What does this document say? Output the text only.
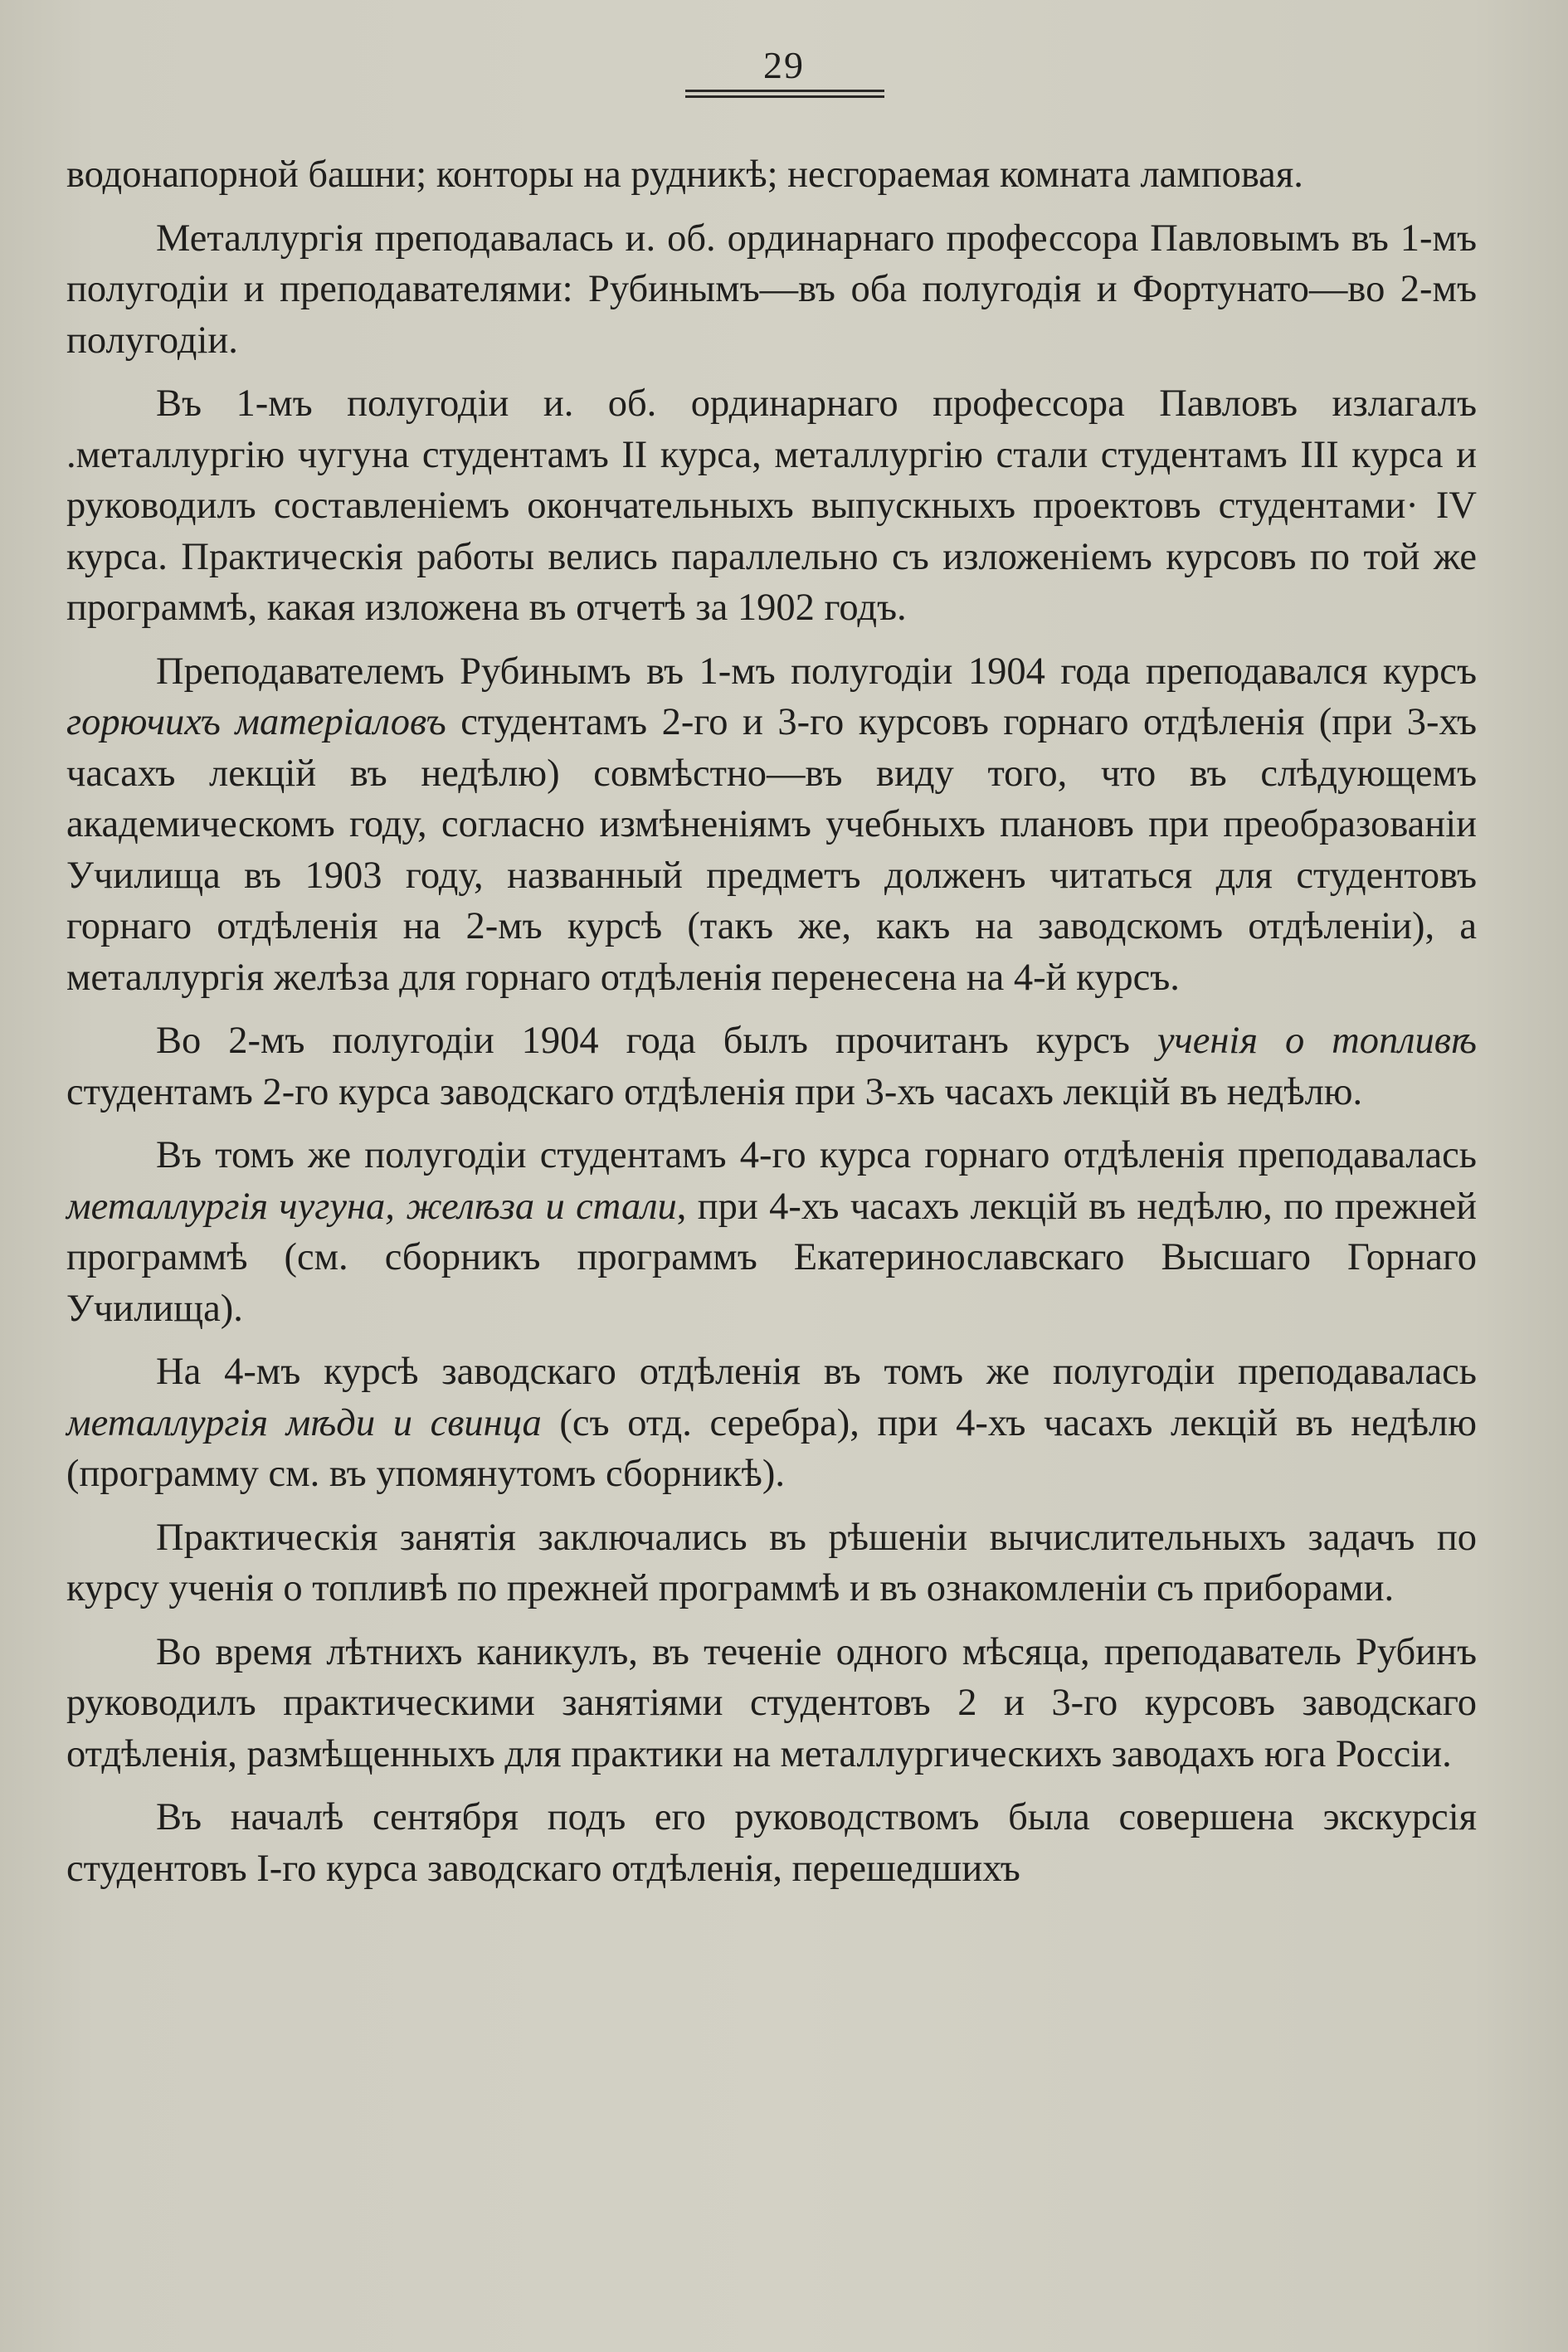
29

водонапорной башни; конторы на рудникѣ; несгораемая комната ламповая.

Металлургія преподавалась и. об. ординарнаго профессора Павловымъ въ 1-мъ полугодіи и преподавателями: Рубинымъ—въ оба полугодія и Фортунато—во 2-мъ полугодіи.

Въ 1-мъ полугодіи и. об. ординарнаго профессора Павловъ излагалъ .металлургію чугуна студентамъ II курса, металлургію стали студентамъ III курса и руководилъ составленіемъ окончательныхъ выпускныхъ проектовъ студентами· IV курса. Практическія работы велись параллельно съ изложеніемъ курсовъ по той же программѣ, какая изложена въ отчетѣ за 1902 годъ.

Преподавателемъ Рубинымъ въ 1-мъ полугодіи 1904 года преподавался курсъ горючихъ матеріаловъ студентамъ 2-го и 3-го курсовъ горнаго отдѣленія (при 3-хъ часахъ лекцій въ недѣлю) совмѣстно—въ виду того, что въ слѣдующемъ академическомъ году, согласно измѣненіямъ учебныхъ плановъ при преобразованіи Училища въ 1903 году, названный предметъ долженъ читаться для студентовъ горнаго отдѣленія на 2-мъ курсѣ (такъ же, какъ на заводскомъ отдѣленіи), а металлургія желѣза для горнаго отдѣленія перенесена на 4-й курсъ.

Во 2-мъ полугодіи 1904 года былъ прочитанъ курсъ ученія о топливѣ студентамъ 2-го курса заводскаго отдѣленія при 3-хъ часахъ лекцій въ недѣлю.

Въ томъ же полугодіи студентамъ 4-го курса горнаго отдѣленія преподавалась металлургія чугуна, желѣза и стали, при 4-хъ часахъ лекцій въ недѣлю, по прежней программѣ (см. сборникъ программъ Екатеринославскаго Высшаго Горнаго Училища).

На 4-мъ курсѣ заводскаго отдѣленія въ томъ же полугодіи преподавалась металлургія мѣди и свинца (съ отд. серебра), при 4-хъ часахъ лекцій въ недѣлю (программу см. въ упомянутомъ сборникѣ).

Практическія занятія заключались въ рѣшеніи вычислительныхъ задачъ по курсу ученія о топливѣ по прежней программѣ и въ ознакомленіи съ приборами.

Во время лѣтнихъ каникулъ, въ теченіе одного мѣсяца, преподаватель Рубинъ руководилъ практическими занятіями студентовъ 2 и 3-го курсовъ заводскаго отдѣленія, размѣщенныхъ для практики на металлургическихъ заводахъ юга Россіи.

Въ началѣ сентября подъ его руководствомъ была совершена экскурсія студентовъ I-го курса заводскаго отдѣленія, перешедшихъ
